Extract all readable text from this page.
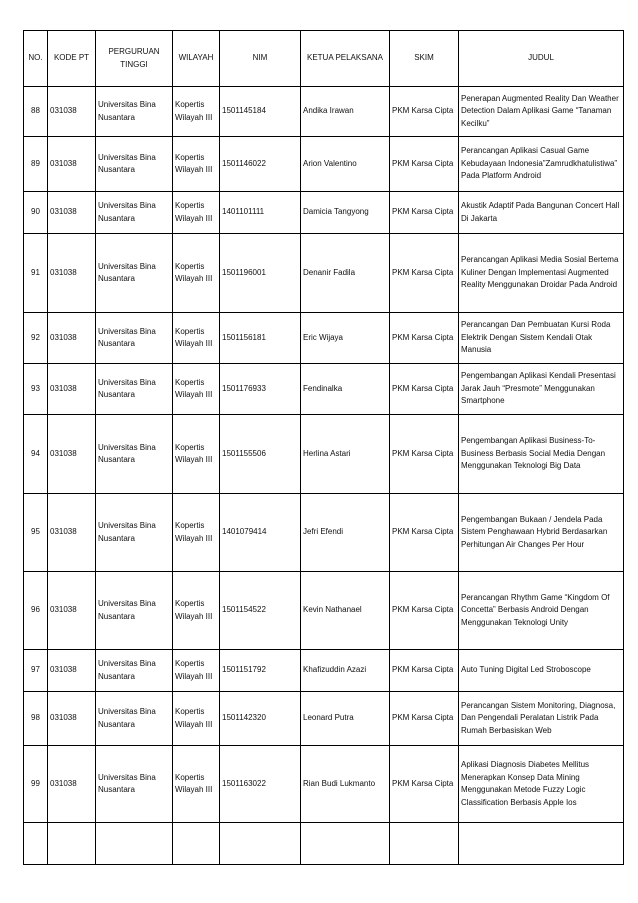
NO.	KODE PT	PERGURUAN TINGGI	WILAYAH	NIM	KETUA PELAKSANA	SKIM	JUDUL
88	031038	Universitas Bina Nusantara	Kopertis Wilayah III	1501145184	Andika Irawan	PKM Karsa Cipta	Penerapan Augmented Reality Dan Weather Detection Dalam Aplikasi Game “Tanaman Kecilku”
89	031038	Universitas Bina Nusantara	Kopertis Wilayah III	1501146022	Arion Valentino	PKM Karsa Cipta	Perancangan Aplikasi Casual Game Kebudayaan Indonesia”Zamrudkhatulistiwa” Pada Platform Android
90	031038	Universitas Bina Nusantara	Kopertis Wilayah III	1401101111	Damicia Tangyong	PKM Karsa Cipta	Akustik Adaptif Pada Bangunan Concert Hall Di Jakarta
91	031038	Universitas Bina Nusantara	Kopertis Wilayah III	1501196001	Denanir Fadila	PKM Karsa Cipta	Perancangan Aplikasi Media Sosial Bertema Kuliner Dengan Implementasi Augmented Reality Menggunakan Droidar Pada Android
92	031038	Universitas Bina Nusantara	Kopertis Wilayah III	1501156181	Eric Wijaya	PKM Karsa Cipta	Perancangan Dan Pembuatan Kursi Roda Elektrik Dengan Sistem Kendali Otak Manusia
93	031038	Universitas Bina Nusantara	Kopertis Wilayah III	1501176933	Fendinalka	PKM Karsa Cipta	Pengembangan Aplikasi Kendali Presentasi Jarak Jauh “Presmote” Menggunakan Smartphone
94	031038	Universitas Bina Nusantara	Kopertis Wilayah III	1501155506	Herlina Astari	PKM Karsa Cipta	Pengembangan Aplikasi Business-To-Business Berbasis Social Media Dengan Menggunakan Teknologi Big Data
95	031038	Universitas Bina Nusantara	Kopertis Wilayah III	1401079414	Jefri Efendi	PKM Karsa Cipta	Pengembangan Bukaan / Jendela Pada Sistem Penghawaan Hybrid Berdasarkan Perhitungan Air Changes Per Hour
96	031038	Universitas Bina Nusantara	Kopertis Wilayah III	1501154522	Kevin Nathanael	PKM Karsa Cipta	Perancangan Rhythm Game “Kingdom Of Concetta” Berbasis Android Dengan Menggunakan Teknologi Unity
97	031038	Universitas Bina Nusantara	Kopertis Wilayah III	1501151792	Khafizuddin Azazi	PKM Karsa Cipta	Auto Tuning Digital Led Stroboscope
98	031038	Universitas Bina Nusantara	Kopertis Wilayah III	1501142320	Leonard Putra	PKM Karsa Cipta	Perancangan Sistem Monitoring, Diagnosa, Dan Pengendali Peralatan Listrik Pada Rumah Berbasiskan Web
99	031038	Universitas Bina Nusantara	Kopertis Wilayah III	1501163022	Rian Budi Lukmanto	PKM Karsa Cipta	Aplikasi Diagnosis Diabetes Mellitus Menerapkan Konsep Data Mining Menggunakan Metode Fuzzy Logic Classification Berbasis Apple Ios
